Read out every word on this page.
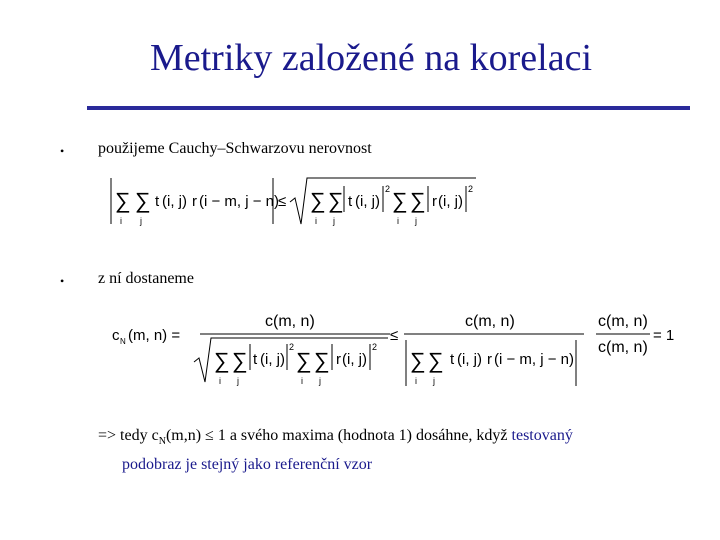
Metriky založené na korelaci
• použijeme Cauchy–Schwarzovu nerovnost
∑ ∑
i j
t (i, j) r (i − m, j − n)
≤ ∑ ∑
i j
t (i, j)
2 ∑ ∑
i j
r (i, j)
2
• z ní dostaneme
c N (m, n) =
c(m, n)
∑ ∑
i j
t (i, j)
2
∑ ∑
i j
r (i, j)
2
≤
c(m, n)
∑ ∑
i j
t (i, j) r (i − m, j − n)
c(m, n)
c(m, n)
= 1
=> tedy $c_N(m,n) \le 1$ a svého maxima (hodnota 1) dosáhne, když testovaný
podobraz je stejný jako referenční vzor
